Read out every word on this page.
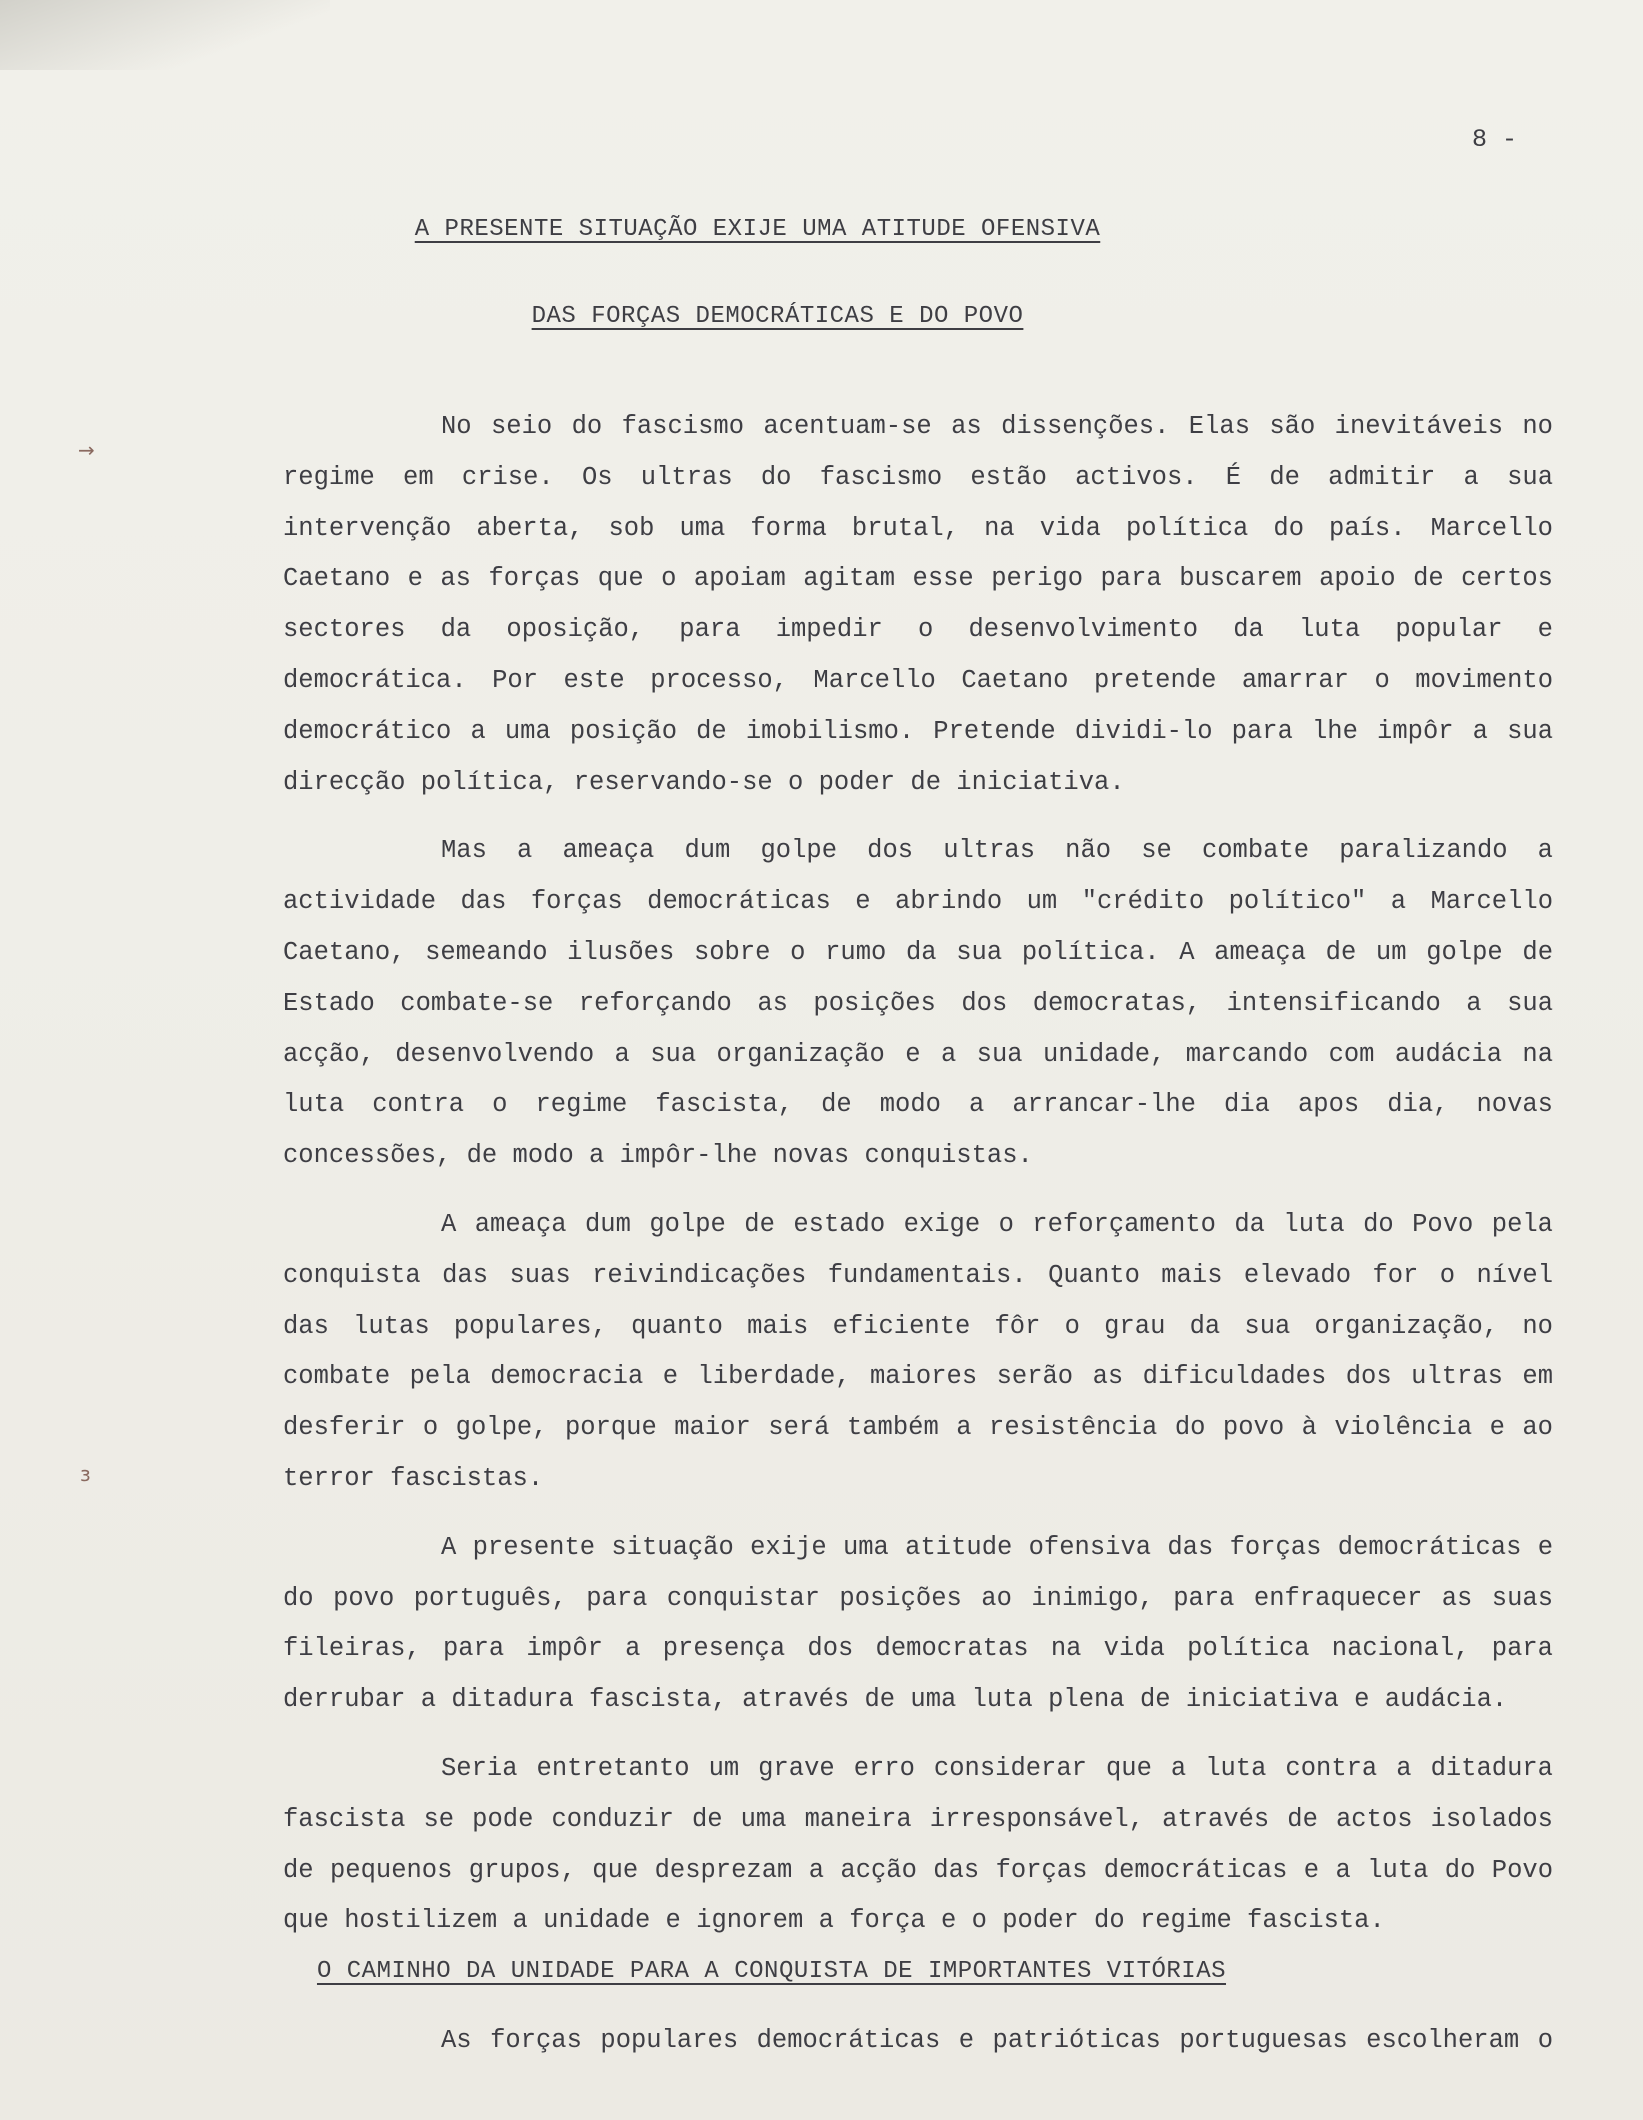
8 -
A PRESENTE SITUAÇÃO EXIJE UMA ATITUDE OFENSIVA
DAS FORÇAS DEMOCRÁTICAS E DO POVO
→
ɜ

No seio do fascismo acentuam-se as dissenções. Elas são inevitáveis no regime em crise. Os ultras do fascismo estão activos. É de admitir a sua intervenção aberta, sob uma forma brutal, na vida política do país. Marcello Caetano e as forças que o apoiam agitam esse perigo para buscarem apoio de certos sectores da oposição, para impedir o desenvolvimento da luta popular e democrática. Por este processo, Marcello Caetano pretende amarrar o movimento democrático a uma posição de imobilismo. Pretende dividi-lo para lhe impôr a sua direcção política, reservando-se o poder de iniciativa.

Mas a ameaça dum golpe dos ultras não se combate paralizando a actividade das forças democráticas e abrindo um "crédito político" a Marcello Caetano, semeando ilusões sobre o rumo da sua política. A ameaça de um golpe de Estado combate-se reforçando as posições dos democratas, intensificando a sua acção, desenvolvendo a sua organização e a sua unidade, marcando com audácia na luta contra o regime fascista, de modo a arrancar-lhe dia apos dia, novas concessões, de modo a impôr-lhe novas conquistas.

A ameaça dum golpe de estado exige o reforçamento da luta do Povo pela conquista das suas reivindicações fundamentais. Quanto mais elevado for o nível das lutas populares, quanto mais eficiente fôr o grau da sua organização, no combate pela democracia e liberdade, maiores serão as dificuldades dos ultras em desferir o golpe, porque maior será também a resistência do povo à violência e ao terror fascistas.

A presente situação exije uma atitude ofensiva das forças democráticas e do povo português, para conquistar posições ao inimigo, para enfraquecer as suas fileiras, para impôr a presença dos democratas na vida política nacional, para derrubar a ditadura fascista, através de uma luta plena de iniciativa e audácia.

Seria entretanto um grave erro considerar que a luta contra a ditadura fascista se pode conduzir de uma maneira irresponsável, através de actos isolados de pequenos grupos, que desprezam a acção das forças democráticas e a luta do Povo que hostilizem a unidade e ignorem a força e o poder do regime fascista.

O CAMINHO DA UNIDADE PARA A CONQUISTA DE IMPORTANTES VITÓRIAS
As forças populares democráticas e patrióticas portuguesas escolheram o
